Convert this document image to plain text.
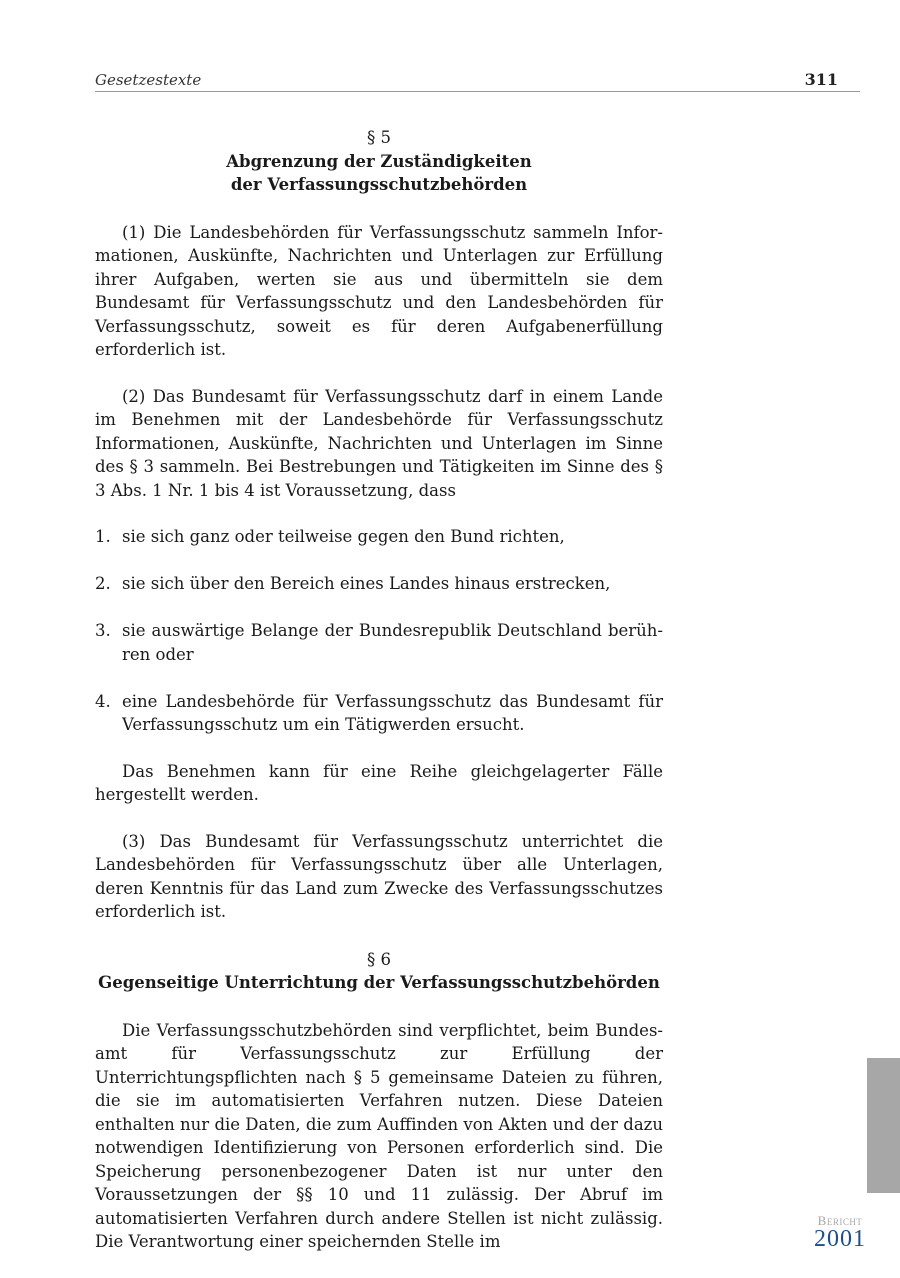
Gesetzestexte	311
§ 5
Abgrenzung der Zuständigkeiten
der Verfassungsschutzbehörden

(1) Die Landesbehörden für Verfassungsschutz sammeln Informationen, Auskünfte, Nachrichten und Unterlagen zur Erfüllung ihrer Aufgaben, werten sie aus und übermitteln sie dem Bundesamt für Verfassungsschutz und den Landesbehörden für Verfassungsschutz, soweit es für deren Aufgabenerfüllung erforderlich ist.

(2) Das Bundesamt für Verfassungsschutz darf in einem Lande im Benehmen mit der Landesbehörde für Verfassungsschutz Informationen, Auskünfte, Nachrichten und Unterlagen im Sinne des § 3 sammeln. Bei Bestrebungen und Tätigkeiten im Sinne des § 3 Abs. 1 Nr. 1 bis 4 ist Voraussetzung, dass

1. sie sich ganz oder teilweise gegen den Bund richten,
2. sie sich über den Bereich eines Landes hinaus erstrecken,
3. sie auswärtige Belange der Bundesrepublik Deutschland berühren oder
4. eine Landesbehörde für Verfassungsschutz das Bundesamt für Verfassungsschutz um ein Tätigwerden ersucht.

Das Benehmen kann für eine Reihe gleichgelagerter Fälle hergestellt werden.

(3) Das Bundesamt für Verfassungsschutz unterrichtet die Landesbehörden für Verfassungsschutz über alle Unterlagen, deren Kenntnis für das Land zum Zwecke des Verfassungsschutzes erforderlich ist.

§ 6
Gegenseitige Unterrichtung der Verfassungsschutzbehörden

Die Verfassungsschutzbehörden sind verpflichtet, beim Bundesamt für Verfassungsschutz zur Erfüllung der Unterrichtungspflichten nach § 5 gemeinsame Dateien zu führen, die sie im automatisierten Verfahren nutzen. Diese Dateien enthalten nur die Daten, die zum Auffinden von Akten und der dazu notwendigen Identifizierung von Personen erforderlich sind. Die Speicherung personenbezogener Daten ist nur unter den Voraussetzungen der §§ 10 und 11 zulässig. Der Abruf im automatisierten Verfahren durch andere Stellen ist nicht zulässig. Die Verantwortung einer speichernden Stelle im

Bericht
2001
